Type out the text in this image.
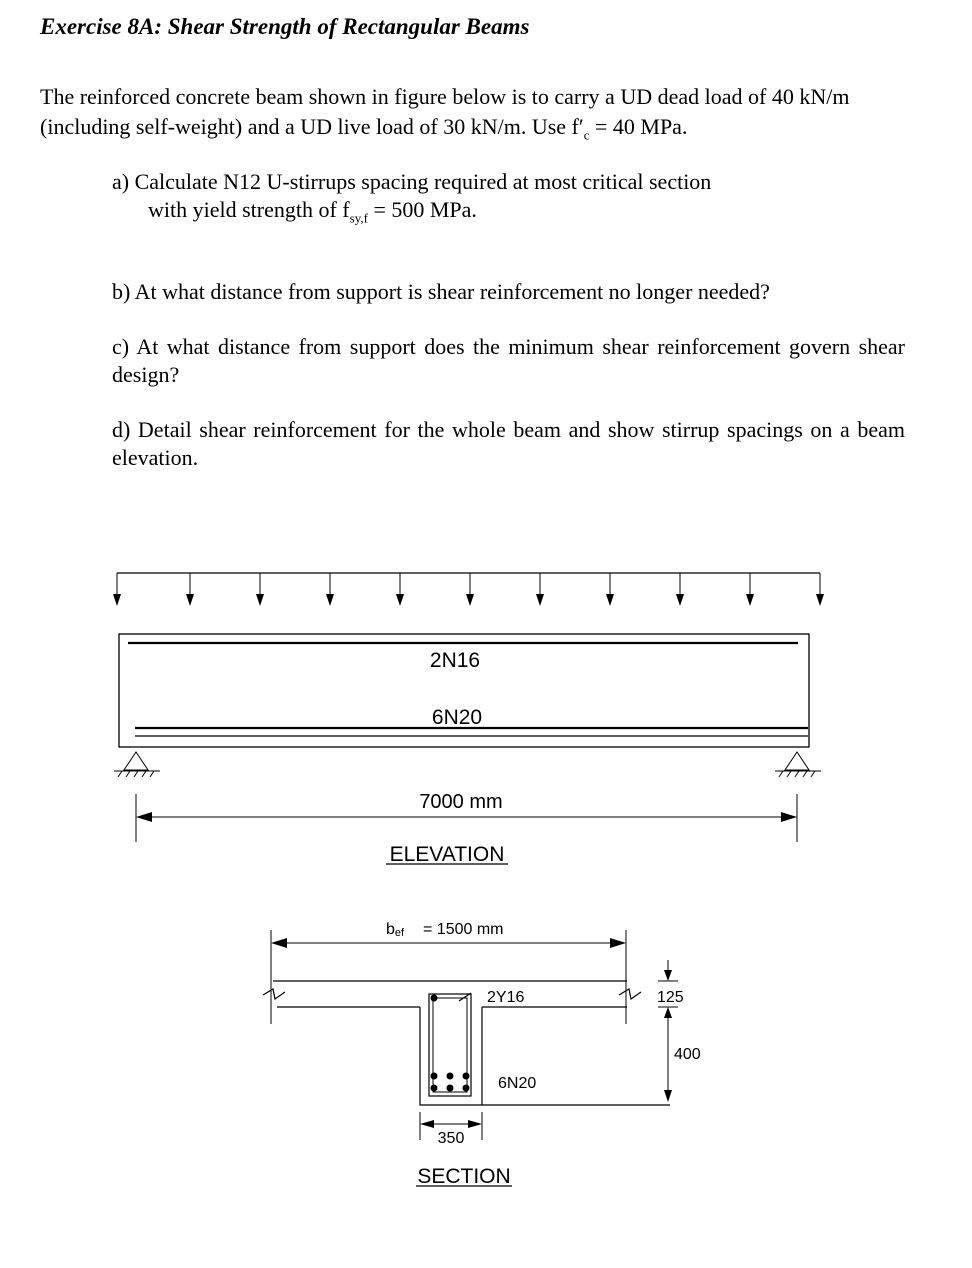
Exercise 8A: Shear Strength of Rectangular Beams
The reinforced concrete beam shown in figure below is to carry a UD dead load of 40 kN/m
(including self-weight) and a UD live load of 30 kN/m. Use $f'_c = 40$ MPa.
a) Calculate N12 U-stirrups spacing required at most critical section
with yield strength of $f_{sy,f} = 500$ MPa.
b) At what distance from support is shear reinforcement no longer needed?
c) At what distance from support does the minimum shear reinforcement govern shear design?
d) Detail shear reinforcement for the whole beam and show stirrup spacings on a beam elevation.
2N16
6N20
7000 mm
ELEVATION
bef = 1500 mm
2Y16
6N20
125
400
350
SECTION
